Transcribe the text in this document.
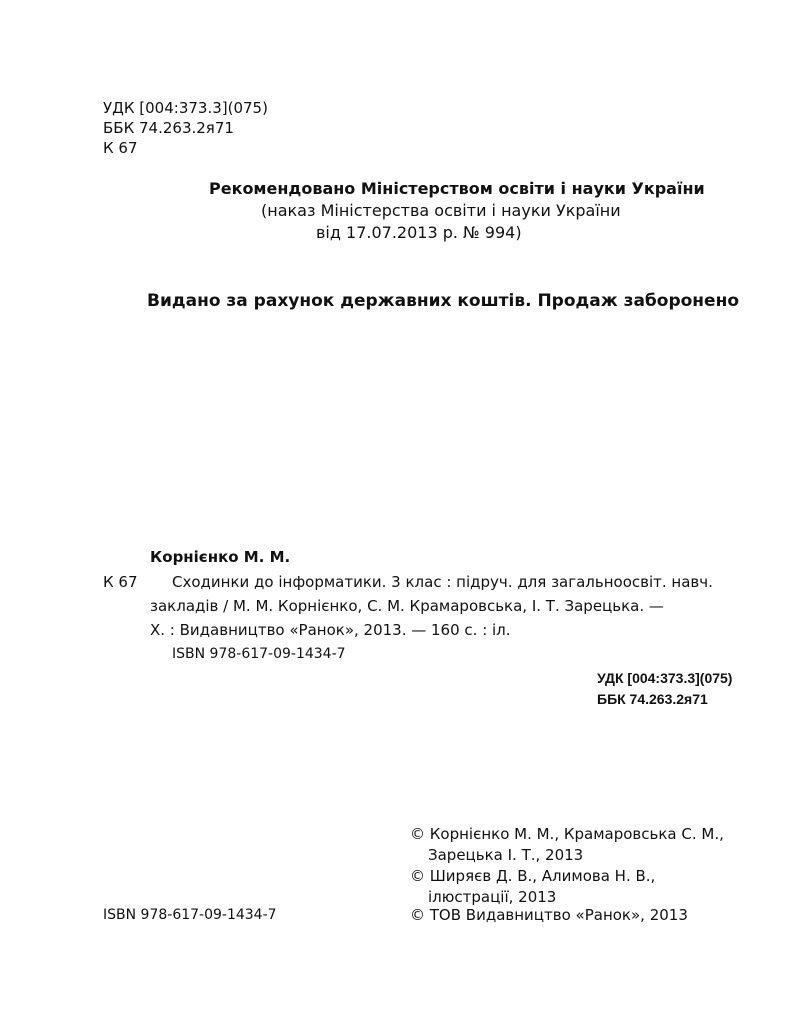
УДК [004:373.3](075)
ББК 74.263.2я71
К 67
Рекомендовано Міністерством освіти і науки України
(наказ Міністерства освіти і науки України
від 17.07.2013 р. № 994)
Видано за рахунок державних коштів. Продаж заборонено
Корнієнко М. М.
К 67 Сходинки до інформатики. 3 клас : підруч. для загальноосвіт. навч.
закладів / М. М. Корнієнко, С. М. Крамаровська, І. Т. Зарецька. —
Х. : Видавництво «Ранок», 2013. — 160 с. : іл.
ISBN 978-617-09-1434-7
УДК [004:373.3](075)
ББК 74.263.2я71
© Корнієнко М. М., Крамаровська С. М.,
Зарецька І. Т., 2013
© Ширяєв Д. В., Алимова Н. В.,
ілюстрації, 2013
© ТОВ Видавництво «Ранок», 2013
ISBN 978-617-09-1434-7
